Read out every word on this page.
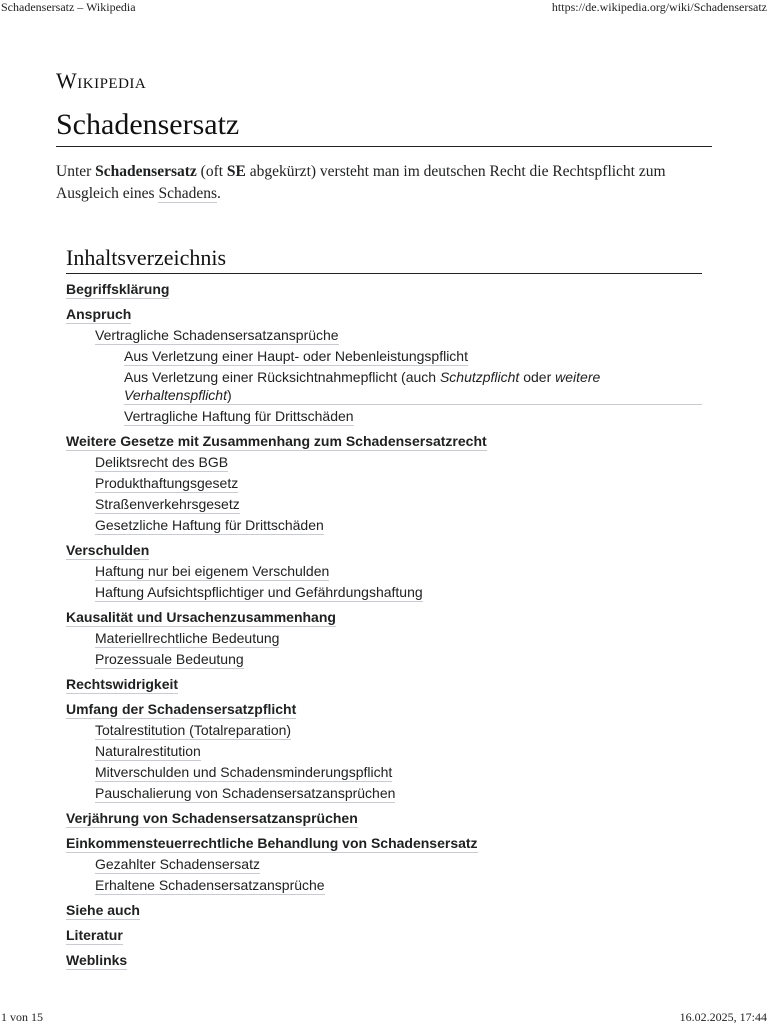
Schadensersatz – Wikipedia	https://de.wikipedia.org/wiki/Schadensersatz
Wikipedia
Schadensersatz

Unter Schadensersatz (oft SE abgekürzt) versteht man im deutschen Recht die Rechtspflicht zum Ausgleich eines Schadens.

Inhaltsverzeichnis
Begriffsklärung
Anspruch
Vertragliche Schadensersatzansprüche
Aus Verletzung einer Haupt- oder Nebenleistungspflicht
Aus Verletzung einer Rücksichtnahmepflicht (auch Schutzpflicht oder weitere Verhaltenspflicht)
Vertragliche Haftung für Drittschäden
Weitere Gesetze mit Zusammenhang zum Schadensersatzrecht
Deliktsrecht des BGB
Produkthaftungsgesetz
Straßenverkehrsgesetz
Gesetzliche Haftung für Drittschäden
Verschulden
Haftung nur bei eigenem Verschulden
Haftung Aufsichtspflichtiger und Gefährdungshaftung
Kausalität und Ursachenzusammenhang
Materiellrechtliche Bedeutung
Prozessuale Bedeutung
Rechtswidrigkeit
Umfang der Schadensersatzpflicht
Totalrestitution (Totalreparation)
Naturalrestitution
Mitverschulden und Schadensminderungspflicht
Pauschalierung von Schadensersatzansprüchen
Verjährung von Schadensersatzansprüchen
Einkommensteuerrechtliche Behandlung von Schadensersatz
Gezahlter Schadensersatz
Erhaltene Schadensersatzansprüche
Siehe auch
Literatur
Weblinks
1 von 15	16.02.2025, 17:44
